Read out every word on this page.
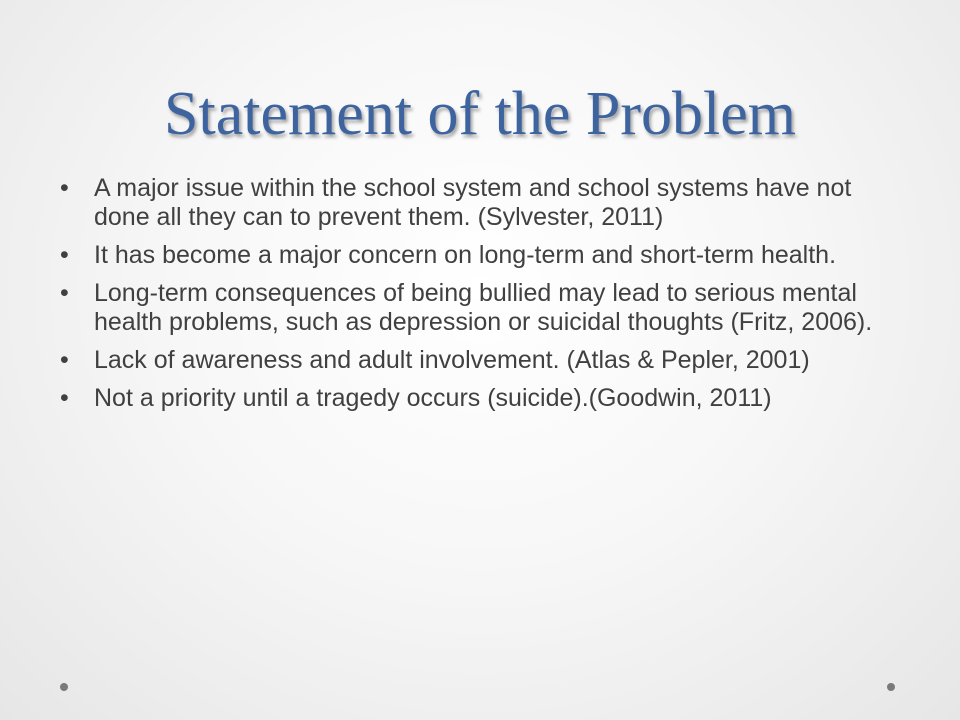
Statement of the Problem
• A major issue within the school system and school systems have not done all they can to prevent them. (Sylvester, 2011)
• It has become a major concern on long-term and short-term health.
• Long-term consequences of being bullied may lead to serious mental health problems, such as depression or suicidal thoughts (Fritz, 2006).
• Lack of awareness and adult involvement. (Atlas & Pepler, 2001)
• Not a priority until a tragedy occurs (suicide).(Goodwin, 2011)
